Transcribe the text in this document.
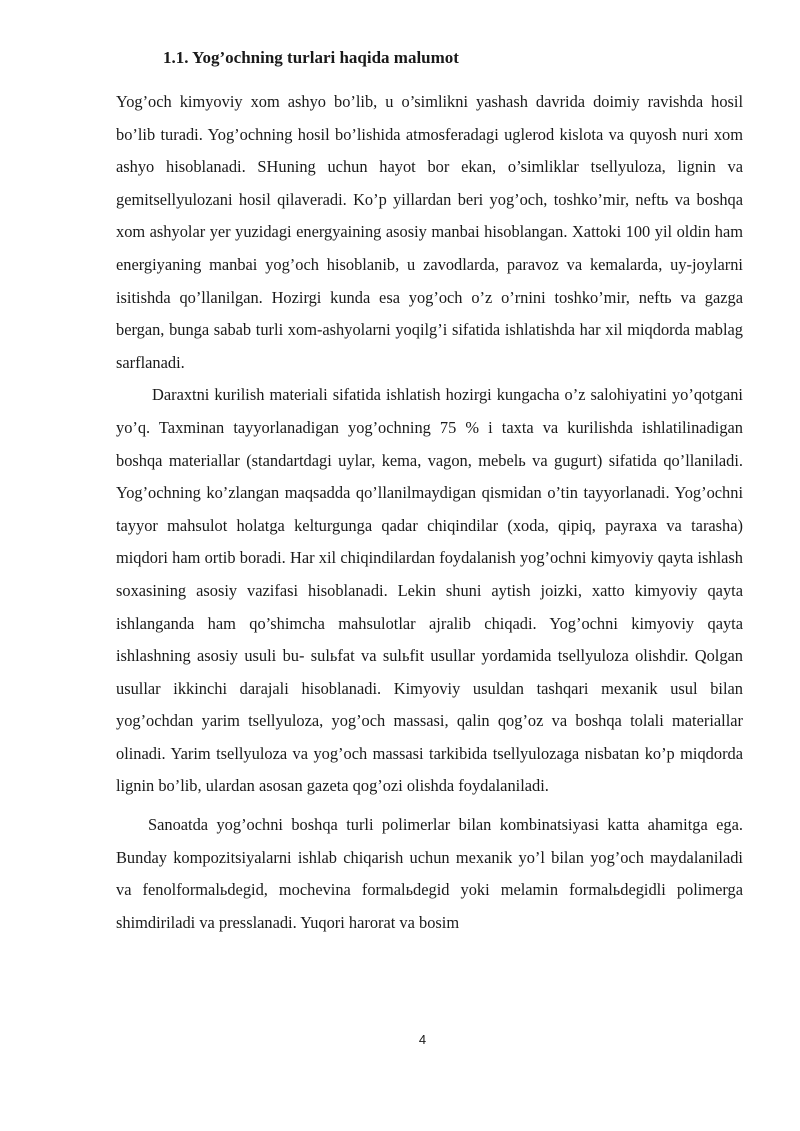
1.1. Yog’ochning turlari haqida malumot

Yog’och kimyoviy xom ashyo bo’lib, u o’simlikni yashash davrida doimiy ravishda hosil bo’lib turadi. Yog’ochning hosil bo’lishida atmosferadagi uglerod kislota va quyosh nuri xom ashyo hisoblanadi. SHuning uchun hayot bor ekan, o’simliklar tsellyuloza, lignin va gemitsellyulozani hosil qilaveradi. Ko’p yillardan beri yog’och, toshko’mir, neftь va boshqa xom ashyolar yer yuzidagi energyaining asosiy manbai hisoblangan. Xattoki 100 yil oldin ham energiyaning manbai yog’och hisoblanib, u zavodlarda, paravoz va kemalarda, uy-joylarni isitishda qo’llanilgan. Hozirgi kunda esa yog’och o’z o’rnini toshko’mir, neftь va gazga bergan, bunga sabab turli xom-ashyolarni yoqilg’i sifatida ishlatishda har xil miqdorda mablag sarflanadi.

Daraxtni kurilish materiali sifatida ishlatish hozirgi kungacha o’z salohiyatini yo’qotgani yo’q. Taxminan tayyorlanadigan yog’ochning 75 % i taxta va kurilishda ishlatilinadigan boshqa materiallar (standartdagi uylar, kema, vagon, mebelь va gugurt) sifatida qo’llaniladi. Yog’ochning ko’zlangan maqsadda qo’llanilmaydigan qismidan o’tin tayyorlanadi. Yog’ochni tayyor mahsulot holatga kelturgunga qadar chiqindilar (xoda, qipiq, payraxa va tarasha) miqdori ham ortib boradi. Har xil chiqindilardan foydalanish yog’ochni kimyoviy qayta ishlash soxasining asosiy vazifasi hisoblanadi. Lekin shuni aytish joizki, xatto kimyoviy qayta ishlanganda ham qo’shimcha mahsulotlar ajralib chiqadi. Yog’ochni kimyoviy qayta ishlashning asosiy usuli bu- sulьfat va sulьfit usullar yordamida tsellyuloza olishdir. Qolgan usullar ikkinchi darajali hisoblanadi. Kimyoviy usuldan tashqari mexanik usul bilan yog’ochdan yarim tsellyuloza, yog’och massasi, qalin qog’oz va boshqa tolali materiallar olinadi. Yarim tsellyuloza va yog’och massasi tarkibida tsellyulozaga nisbatan ko’p miqdorda lignin bo’lib, ulardan asosan gazeta qog’ozi olishda foydalaniladi.

Sanoatda yog’ochni boshqa turli polimerlar bilan kombinatsiyasi katta ahamitga ega. Bunday kompozitsiyalarni ishlab chiqarish uchun mexanik yo’l bilan yog’och maydalaniladi va fenolformalьdegid, mochevina formalьdegid yoki melamin formalьdegidli polimerga shimdiriladi va presslanadi. Yuqori harorat va bosim

4
